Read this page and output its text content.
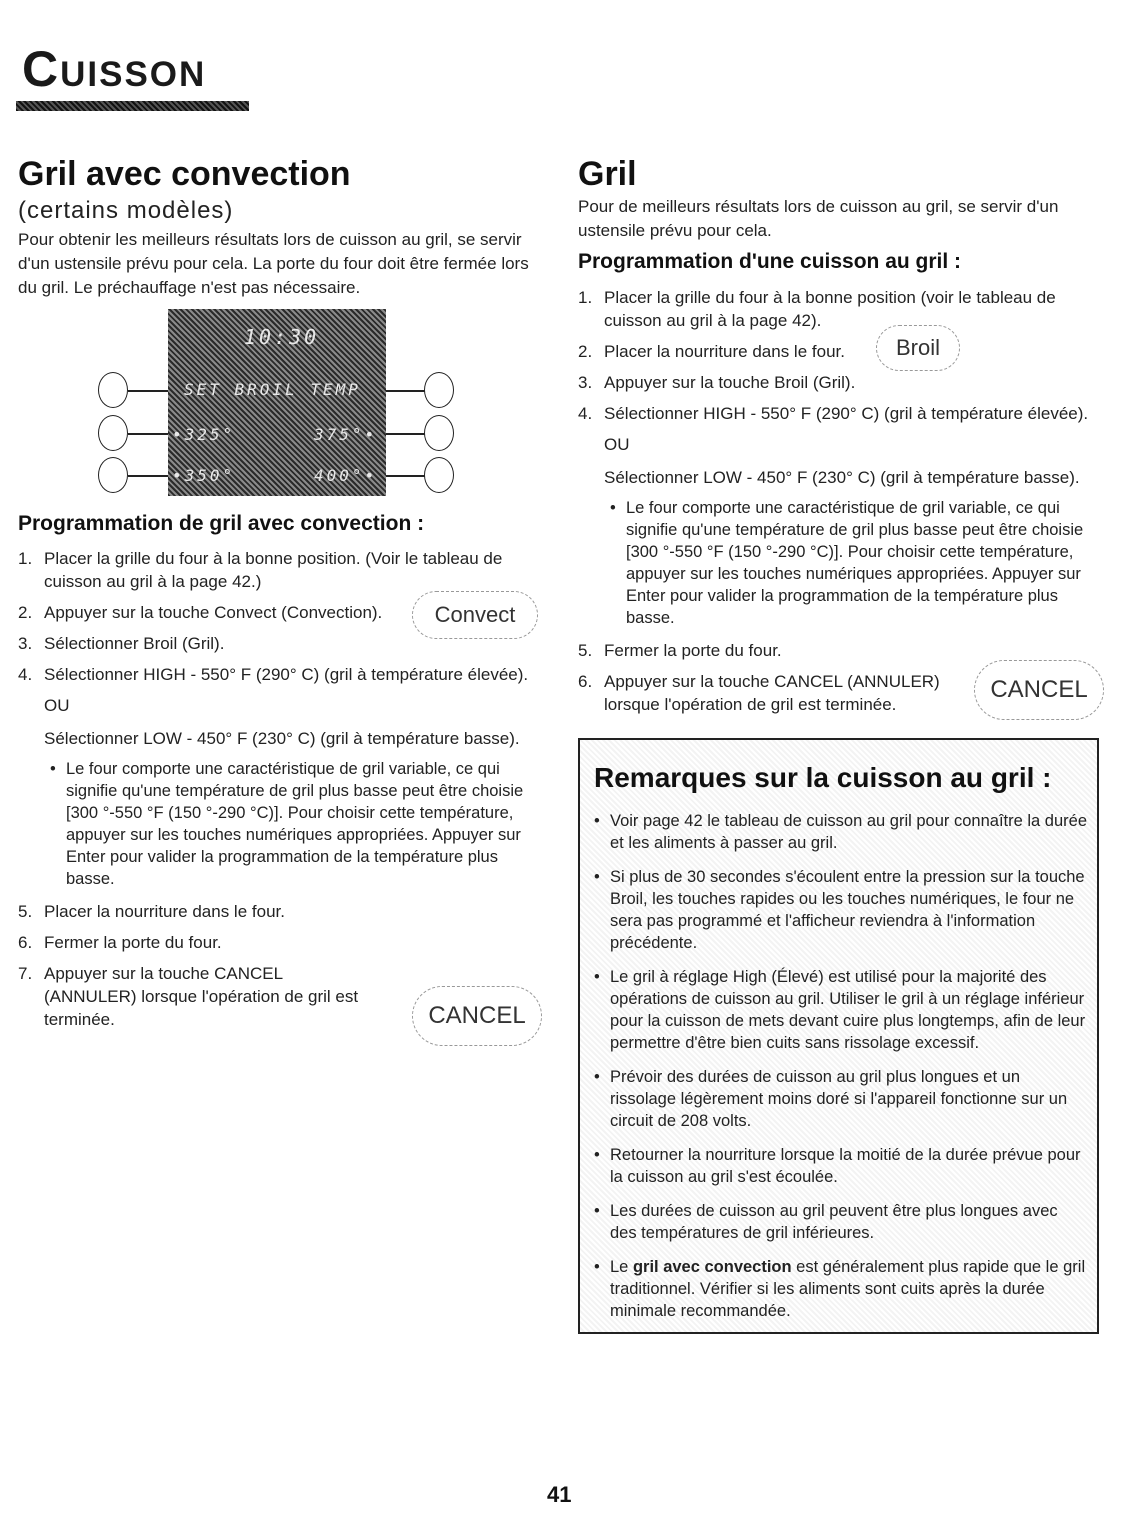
Cuisson
Gril avec convection
(certains modèles)

Pour obtenir les meilleurs résultats lors de cuisson au gril, se servir d'un ustensile prévu pour cela. La porte du four doit être fermée lors du gril. Le préchauffage n'est pas nécessaire.

10:30
SET BROIL TEMP
•325°
•350°
375°•
400°•
Programmation de gril avec convection :
1. Placer la grille du four à la bonne position. (Voir le tableau de cuisson au gril à la page 42.)
2. Appuyer sur la touche Convect (Convection).
3. Sélectionner Broil (Gril).
4. Sélectionner HIGH - 550° F (290° C) (gril à température élevée).
OU
Sélectionner LOW - 450° F (230° C) (gril à température basse).
• Le four comporte une caractéristique de gril variable, ce qui signifie qu'une température de gril plus basse peut être choisie [300 °-550 °F (150 °-290 °C)]. Pour choisir cette température, appuyer sur les touches numériques appropriées. Appuyer sur Enter pour valider la programmation de la température plus basse.
5. Placer la nourriture dans le four.
6. Fermer la porte du four.
7. Appuyer sur la touche CANCEL (ANNULER) lorsque l'opération de gril est terminée.
Convect
CANCEL
Gril

Pour de meilleurs résultats lors de cuisson au gril, se servir d'un ustensile prévu pour cela.

Programmation d'une cuisson au gril :
1. Placer la grille du four à la bonne position (voir le tableau de cuisson au gril à la page 42).
2. Placer la nourriture dans le four.
3. Appuyer sur la touche Broil (Gril).
4. Sélectionner HIGH - 550° F (290° C) (gril à température élevée).
OU
Sélectionner LOW - 450° F (230° C) (gril à température basse).
• Le four comporte une caractéristique de gril variable, ce qui signifie qu'une température de gril plus basse peut être choisie [300 °-550 °F (150 °-290 °C)]. Pour choisir cette température, appuyer sur les touches numériques appropriées. Appuyer sur Enter pour valider la programmation de la température plus basse.
5. Fermer la porte du four.
6. Appuyer sur la touche CANCEL (ANNULER) lorsque l'opération de gril est terminée.
Broil
CANCEL
Remarques sur la cuisson au gril :
• Voir page 42 le tableau de cuisson au gril pour connaître la durée et les aliments à passer au gril.
• Si plus de 30 secondes s'écoulent entre la pression sur la touche Broil, les touches rapides ou les touches numériques, le four ne sera pas programmé et l'afficheur reviendra à l'information précédente.
• Le gril à réglage High (Élevé) est utilisé pour la majorité des opérations de cuisson au gril. Utiliser le gril à un réglage inférieur pour la cuisson de mets devant cuire plus longtemps, afin de leur permettre d'être bien cuits sans rissolage excessif.
• Prévoir des durées de cuisson au gril plus longues et un rissolage légèrement moins doré si l'appareil fonctionne sur un circuit de 208 volts.
• Retourner la nourriture lorsque la moitié de la durée prévue pour la cuisson au gril s'est écoulée.
• Les durées de cuisson au gril peuvent être plus longues avec des températures de gril inférieures.
• Le gril avec convection est généralement plus rapide que le gril traditionnel. Vérifier si les aliments sont cuits après la durée minimale recommandée.
41
